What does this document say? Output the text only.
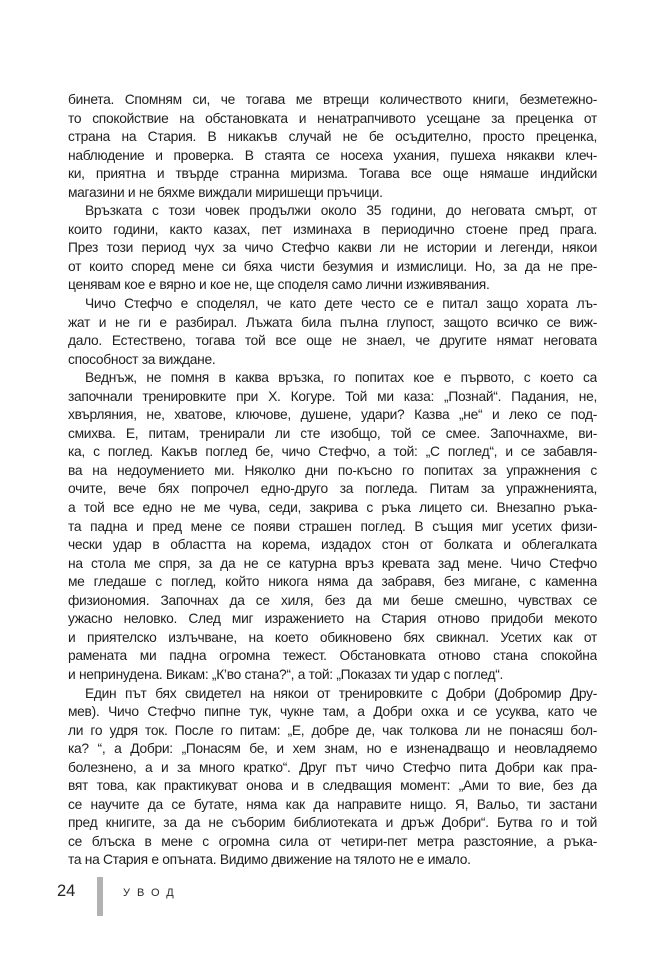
бинета. Спомням си, че тогава ме втрещи количеството книги, безметежно-
то спокойствие на обстановката и ненатрапчивото усещане за преценка от
страна на Стария. В никакъв случай не бе осъдително, просто преценка,
наблюдение и проверка. В стаята се носеха ухания, пушеха някакви клеч-
ки, приятна и твърде странна миризма. Тогава все още нямаше индийски
магазини и не бяхме виждали миришещи пръчици.
Връзката с този човек продължи около 35 години, до неговата смърт, от
които години, както казах, пет изминаха в периодично стоене пред прага.
През този период чух за чичо Стефчо какви ли не истории и легенди, някои
от които според мене си бяха чисти безумия и измислици. Но, за да не пре-
ценявам кое е вярно и кое не, ще споделя само лични изживявания.
Чичо Стефчо е споделял, че като дете често се е питал защо хората лъ-
жат и не ги е разбирал. Лъжата била пълна глупост, защото всичко се виж-
дало. Естествено, тогава той все още не знаел, че другите нямат неговата
способност за виждане.
Веднъж, не помня в каква връзка, го попитах кое е първото, с което са
започнали тренировките при Х. Когуре. Той ми каза: „Познай“. Падания, не,
хвърляния, не, хватове, ключове, душене, удари? Казва „не“ и леко се под-
смихва. Е, питам, тренирали ли сте изобщо, той се смее. Започнахме, ви-
ка, с поглед. Какъв поглед бе, чичо Стефчо, а той: „С поглед“, и се забавля-
ва на недоумението ми. Няколко дни по-късно го попитах за упражнения с
очите, вече бях попрочел едно-друго за погледа. Питам за упражненията,
а той все едно не ме чува, седи, закрива с ръка лицето си. Внезапно ръка-
та падна и пред мене се появи страшен поглед. В същия миг усетих физи-
чески удар в областта на корема, издадох стон от болката и облегалката
на стола ме спря, за да не се катурна връз кревата зад мене. Чичо Стефчо
ме гледаше с поглед, който никога няма да забравя, без мигане, с каменна
физиономия. Започнах да се хиля, без да ми беше смешно, чувствах се
ужасно неловко. След миг изражението на Стария отново придоби мекото
и приятелско излъчване, на което обикновено бях свикнал. Усетих как от
рамената ми падна огромна тежест. Обстановката отново стана спокойна
и непринудена. Викам: „К’во стана?“, а той: „Показах ти удар с поглед“.
Един път бях свидетел на някои от тренировките с Добри (Добромир Дру-
мев). Чичо Стефчо пипне тук, чукне там, а Добри охка и се усуква, като че
ли го удря ток. После го питам: „Е, добре де, чак толкова ли не понасяш бол-
ка? “, а Добри: „Понасям бе, и хем знам, но е изненадващо и неовладяемо
болезнено, а и за много кратко“. Друг път чичо Стефчо пита Добри как пра-
вят това, как практикуват онова и в следващия момент: „Ами то вие, без да
се научите да се бутате, няма как да направите нищо. Я, Вальо, ти застани
пред книгите, за да не съборим библиотеката и дръж Добри“. Бутва го и той
се блъска в мене с огромна сила от четири-пет метра разстояние, а ръка-
та на Стария е опъната. Видимо движение на тялото не е имало.
24	УВОД
